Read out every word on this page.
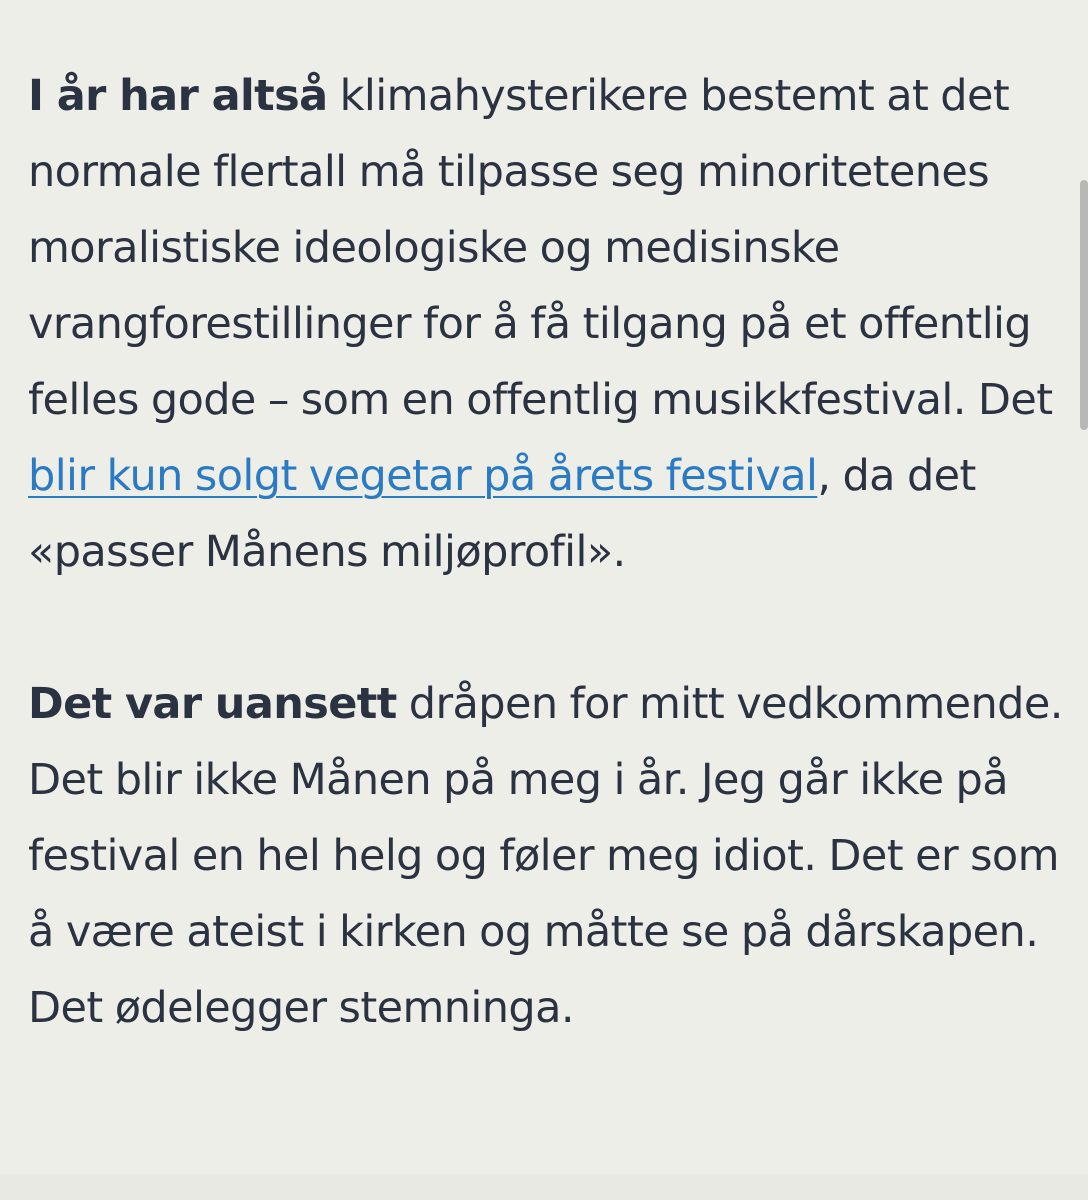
I år har altså klimahysterikere bestemt at det normale flertall må tilpasse seg minoritetenes moralistiske ideologiske og medisinske vrangforestillinger for å få tilgang på et offentlig felles gode – som en offentlig musikkfestival. Det blir kun solgt vegetar på årets festival, da det «passer Månens miljøprofil».

Det var uansett dråpen for mitt vedkommende. Det blir ikke Månen på meg i år. Jeg går ikke på festival en hel helg og føler meg idiot. Det er som å være ateist i kirken og måtte se på dårskapen. Det ødelegger stemninga.
